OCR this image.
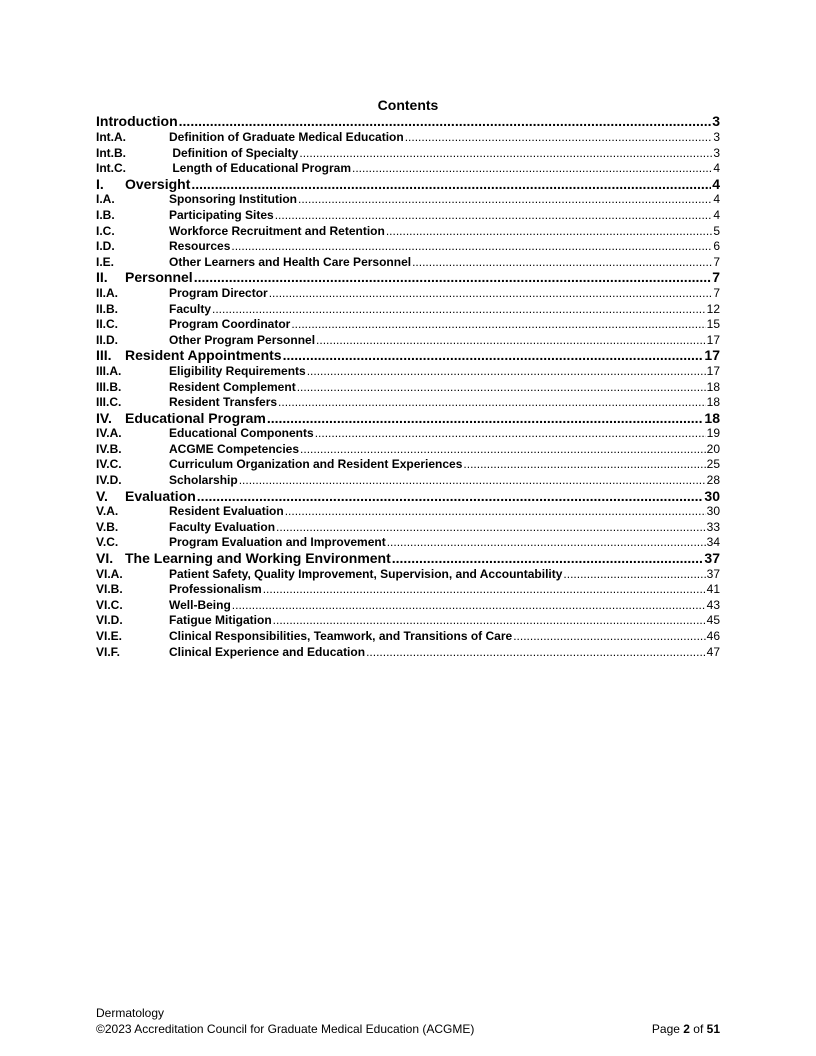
Contents
Introduction .....	3
Int.A.	Definition of Graduate Medical Education .....	3
Int.B.	Definition of Specialty .....	3
Int.C.	Length of Educational Program .....	4
I.	Oversight .....	4
I.A.	Sponsoring Institution .....	4
I.B.	Participating Sites .....	4
I.C.	Workforce Recruitment and Retention .....	5
I.D.	Resources .....	6
I.E.	Other Learners and Health Care Personnel .....	7
II.	Personnel .....	7
II.A.	Program Director .....	7
II.B.	Faculty .....	12
II.C.	Program Coordinator .....	15
II.D.	Other Program Personnel .....	17
III. Resident Appointments .....	17
III.A.	Eligibility Requirements .....	17
III.B.	Resident Complement .....	18
III.C.	Resident Transfers .....	18
IV. Educational Program .....	18
IV.A.	Educational Components .....	19
IV.B.	ACGME Competencies .....	20
IV.C.	Curriculum Organization and Resident Experiences .....	25
IV.D.	Scholarship .....	28
V.	Evaluation .....	30
V.A.	Resident Evaluation .....	30
V.B.	Faculty Evaluation .....	33
V.C.	Program Evaluation and Improvement .....	34
VI. The Learning and Working Environment .....	37
VI.A.	Patient Safety, Quality Improvement, Supervision, and Accountability .....	37
VI.B.	Professionalism .....	41
VI.C.	Well-Being .....	43
VI.D.	Fatigue Mitigation .....	45
VI.E.	Clinical Responsibilities, Teamwork, and Transitions of Care .....	46
VI.F.	Clinical Experience and Education .....	47
Dermatology
©2023 Accreditation Council for Graduate Medical Education (ACGME)	Page 2 of 51
